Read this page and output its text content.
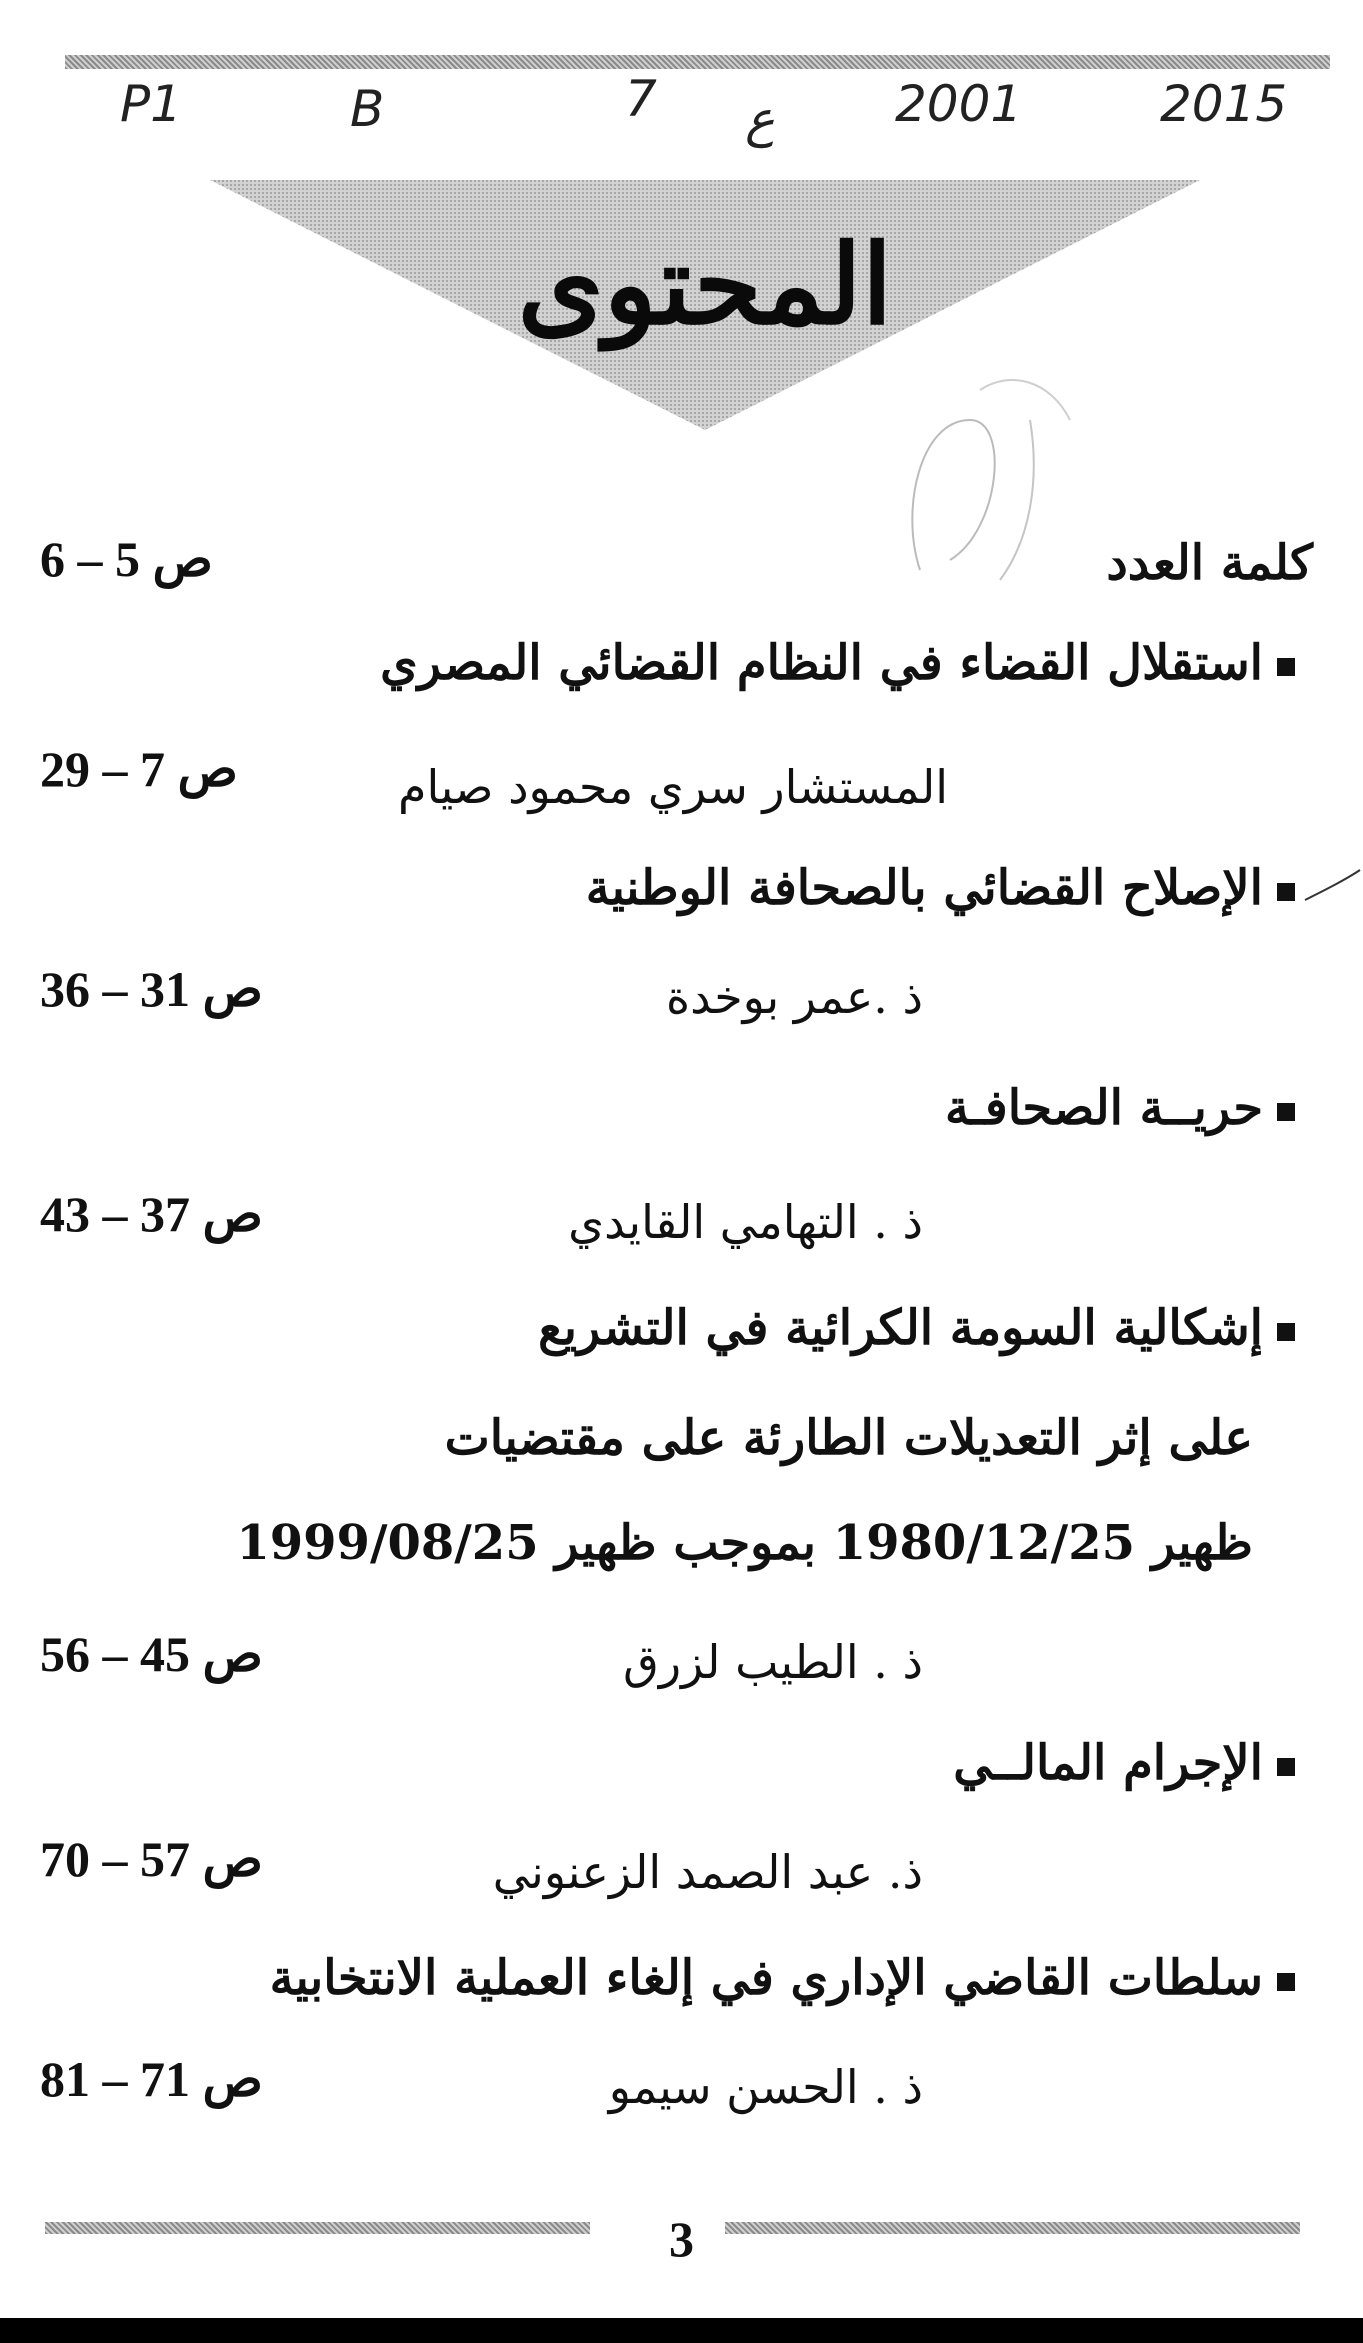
P1	B	7 ع 2001	2015
المحتوى
كلمة العدد
ص 5 – 6
استقلال القضاء في النظام القضائي المصري
المستشار سري محمود صيام
ص 7 – 29
الإصلاح القضائي بالصحافة الوطنية
ذ .عمر بوخدة
ص 31 – 36
حريــة الصحافـة
ذ . التهامي القايدي
ص 37 – 43
إشكالية السومة الكرائية في التشريع
على إثر التعديلات الطارئة على مقتضيات
ظهير 1980/12/25 بموجب ظهير 1999/08/25
ذ . الطيب لزرق
ص 45 – 56
الإجرام المالــي
ذ. عبد الصمد الزعنوني
ص 57 – 70
سلطات القاضي الإداري في إلغاء العملية الانتخابية
ذ . الحسن سيمو
ص 71 – 81
3
